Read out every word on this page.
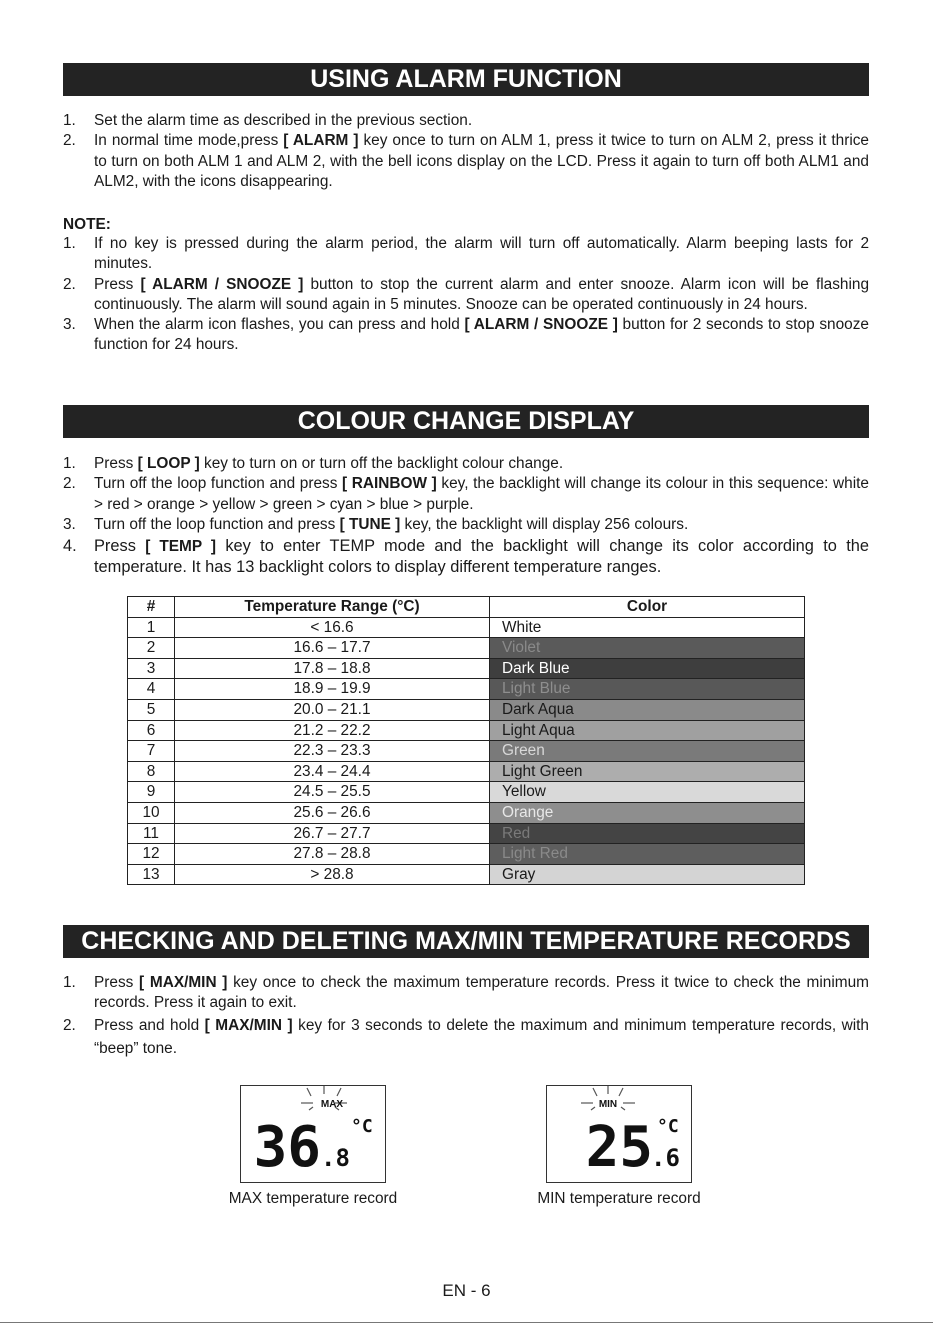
USING ALARM FUNCTION
1. Set the alarm time as described in the previous section.
2. In normal time mode,press [ ALARM ] key once to turn on ALM 1, press it twice to turn on ALM 2, press it thrice to turn on both ALM 1 and ALM 2, with the bell icons display on the LCD. Press it again to turn off both ALM1 and ALM2, with the icons disappearing.
NOTE:
1. If no key is pressed during the alarm period, the alarm will turn off automatically. Alarm beeping lasts for 2 minutes.
2. Press [ ALARM / SNOOZE ] button to stop the current alarm and enter snooze. Alarm icon will be flashing continuously. The alarm will sound again in 5 minutes. Snooze can be operated continuously in 24 hours.
3. When the alarm icon flashes, you can press and hold [ ALARM / SNOOZE ] button for 2 seconds to stop snooze function for 24 hours.
COLOUR CHANGE DISPLAY
1. Press [ LOOP ] key to turn on or turn off the backlight colour change.
2. Turn off the loop function and press [ RAINBOW ] key, the backlight will change its colour in this sequence: white > red > orange > yellow > green > cyan > blue > purple.
3. Turn off the loop function and press [ TUNE ] key, the backlight will display 256 colours.
4. Press [ TEMP ] key to enter TEMP mode and the backlight will change its color according to the temperature. It has 13 backlight colors to display different temperature ranges.
#	Temperature Range (°C)	Color
1	< 16.6	White
2	16.6 – 17.7	Violet
3	17.8 – 18.8	Dark Blue
4	18.9 – 19.9	Light Blue
5	20.0 – 21.1	Dark Aqua
6	21.2 – 22.2	Light Aqua
7	22.3 – 23.3	Green
8	23.4 – 24.4	Light Green
9	24.5 – 25.5	Yellow
10	25.6 – 26.6	Orange
11	26.7 – 27.7	Red
12	27.8 – 28.8	Light Red
13	> 28.8	Gray
CHECKING AND DELETING MAX/MIN TEMPERATURE RECORDS
1. Press [ MAX/MIN ] key once to check the maximum temperature records. Press it twice to check the minimum records. Press it again to exit.
2. Press and hold [ MAX/MIN ] key for 3 seconds to delete the maximum and minimum temperature records, with “beep” tone.
MAX
36 .8
°C
MAX temperature record
MIN
25
.6
°C
MIN temperature record
EN - 6
